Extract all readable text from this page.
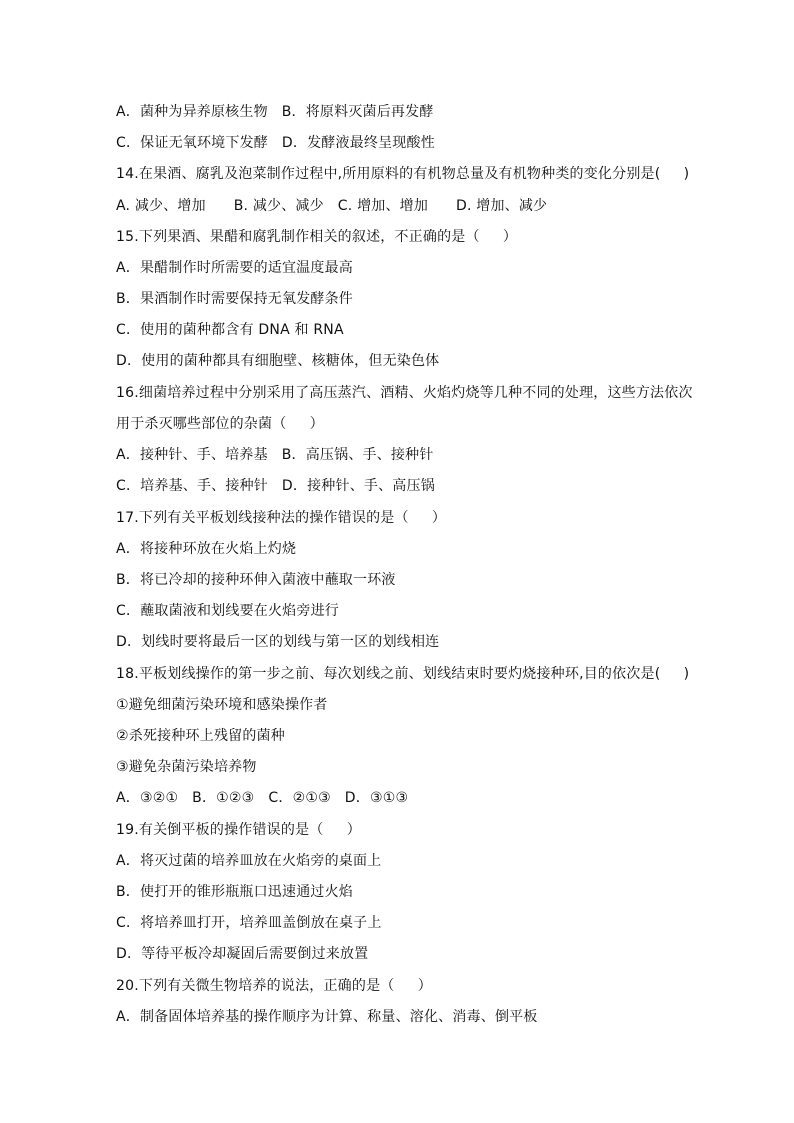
A．菌种为异养原核生物   B．将原料灭菌后再发酵
C．保证无氧环境下发酵   D．发酵液最终呈现酸性
14.在果酒、腐乳及泡菜制作过程中,所用原料的有机物总量及有机物种类的变化分别是(     )
A. 减少、增加      B. 减少、减少   C. 增加、增加      D. 增加、减少
15.下列果酒、果醋和腐乳制作相关的叙述，不正确的是（     ）
A．果醋制作时所需要的适宜温度最高
B．果酒制作时需要保持无氧发酵条件
C．使用的菌种都含有 DNA 和 RNA
D．使用的菌种都具有细胞壁、核糖体，但无染色体
16.细菌培养过程中分别采用了高压蒸汽、酒精、火焰灼烧等几种不同的处理，这些方法依次
用于杀灭哪些部位的杂菌（     ）
A．接种针、手、培养基   B．高压锅、手、接种针
C．培养基、手、接种针   D．接种针、手、高压锅
17.下列有关平板划线接种法的操作错误的是（     ）
A．将接种环放在火焰上灼烧
B．将已冷却的接种环伸入菌液中蘸取一环液
C．蘸取菌液和划线要在火焰旁进行
D．划线时要将最后一区的划线与第一区的划线相连
18.平板划线操作的第一步之前、每次划线之前、划线结束时要灼烧接种环,目的依次是(     )
①避免细菌污染环境和感染操作者
②杀死接种环上残留的菌种
③避免杂菌污染培养物
A．③②①   B．①②③   C．②①③   D．③①③
19.有关倒平板的操作错误的是（     ）
A．将灭过菌的培养皿放在火焰旁的桌面上
B．使打开的锥形瓶瓶口迅速通过火焰
C．将培养皿打开，培养皿盖倒放在桌子上
D．等待平板冷却凝固后需要倒过来放置
20.下列有关微生物培养的说法，正确的是（     ）
A．制备固体培养基的操作顺序为计算、称量、溶化、消毒、倒平板
